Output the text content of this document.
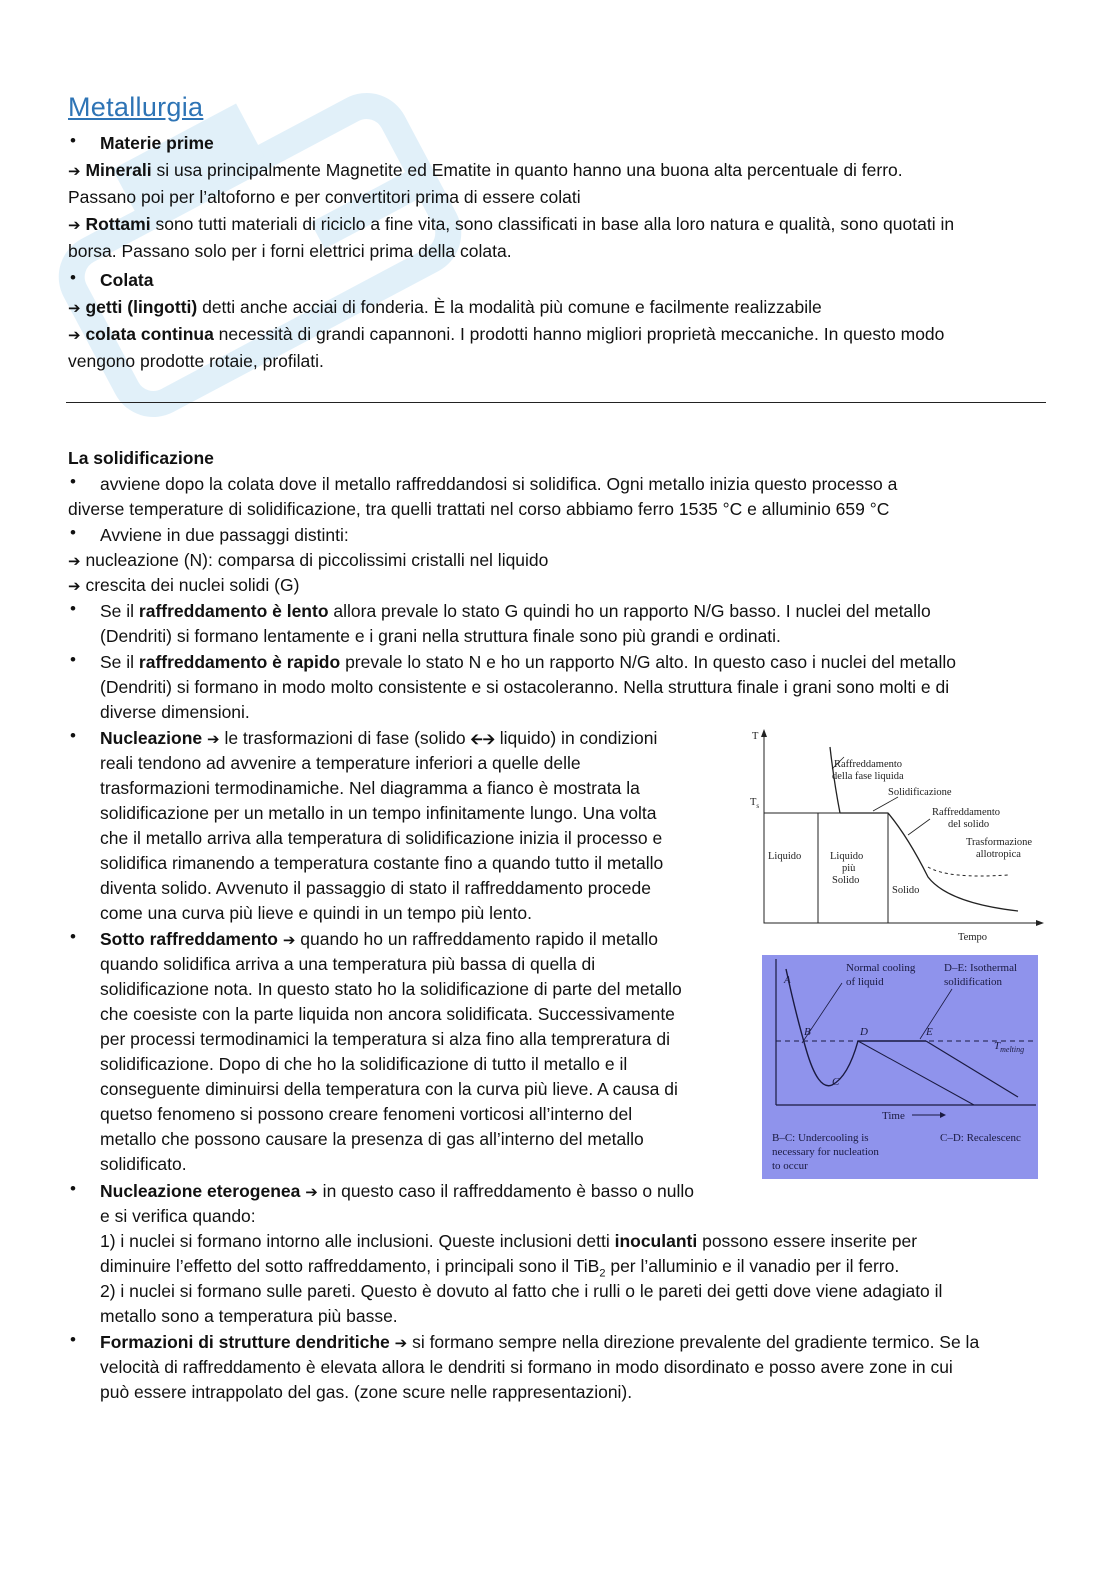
Metallurgia
Materie prime
➔ Minerali si usa principalmente Magnetite ed Ematite in quanto hanno una buona alta percentuale di ferro.
Passano poi per l’altoforno e per convertitori prima di essere colati
➔ Rottami sono tutti materiali di riciclo a fine vita, sono classificati in base alla loro natura e qualità, sono quotati in
borsa. Passano solo per i forni elettrici prima della colata.
Colata
➔ getti (lingotti) detti anche acciai di fonderia. È la modalità più comune e facilmente realizzabile
➔ colata continua necessità di grandi capannoni. I prodotti hanno migliori proprietà meccaniche. In questo modo
vengono prodotte rotaie, profilati.
La solidificazione
avviene dopo la colata dove il metallo raffreddandosi si solidifica. Ogni metallo inizia questo processo a
diverse temperature di solidificazione, tra quelli trattati nel corso abbiamo ferro 1535 °C e alluminio 659 °C
Avviene in due passaggi distinti:
➔ nucleazione (N): comparsa di piccolissimi cristalli nel liquido
➔ crescita dei nuclei solidi (G)
Se il raffreddamento è lento allora prevale lo stato G quindi ho un rapporto N/G basso. I nuclei del metallo
(Dendriti) si formano lentamente e i grani nella struttura finale sono più grandi e ordinati.
Se il raffreddamento è rapido prevale lo stato N e ho un rapporto N/G alto. In questo caso i nuclei del metallo
(Dendriti) si formano in modo molto consistente e si ostacoleranno. Nella struttura finale i grani sono molti e di
diverse dimensioni.
Nucleazione ➔ le trasformazioni di fase (solido 🡨🡪 liquido) in condizioni
reali tendono ad avvenire a temperature inferiori a quelle delle
trasformazioni termodinamiche. Nel diagramma a fianco è mostrata la
solidificazione per un metallo in un tempo infinitamente lungo. Una volta
che il metallo arriva alla temperatura di solidificazione inizia il processo e
solidifica rimanendo a temperatura costante fino a quando tutto il metallo
diventa solido. Avvenuto il passaggio di stato il raffreddamento procede
come una curva più lieve e quindi in un tempo più lento.
Sotto raffreddamento ➔ quando ho un raffreddamento rapido il metallo
quando solidifica arriva a una temperatura più bassa di quella di
solidificazione nota. In questo stato ho la solidificazione di parte del metallo
che coesiste con la parte liquida non ancora solidificata. Successivamente
per processi termodinamici la temperatura si alza fino alla tempreratura di
solidificazione. Dopo di che ho la solidificazione di tutto il metallo e il
conseguente diminuirsi della temperatura con la curva più lieve. A causa di
quetso fenomeno si possono creare fenomeni vorticosi all’interno del
metallo che possono causare la presenza di gas all’interno del metallo
solidificato.
Nucleazione eterogenea ➔ in questo caso il raffreddamento è basso o nullo
e si verifica quando:
1) i nuclei si formano intorno alle inclusioni. Queste inclusioni detti inoculanti possono essere inserite per
diminuire l’effetto del sotto raffreddamento, i principali sono il TiB$_2$ per l’alluminio e il vanadio per il ferro.
2) i nuclei si formano sulle pareti. Questo è dovuto al fatto che i rulli o le pareti dei getti dove viene adagiato il
metallo sono a temperatura più basse.
Formazioni di strutture dendritiche ➔ si formano sempre nella direzione prevalente del gradiente termico. Se la
velocità di raffreddamento è elevata allora le dendriti si formano in modo disordinato e posso avere zone in cui
può essere intrappolato del gas. (zone scure nelle rappresentazioni).
T
$T_s$
Raffreddamento
della fase liquida
Solidificazione
Raffreddamento
del solido
Trasformazione
allotropica
Liquido	Liquido
più
Solido
Solido
Tempo
Normal cooling
of liquid
D–E: Isothermal
solidification
A
B
C
D	E
$T_{melting}$
Time
B–C: Undercooling is
necessary for nucleation
to occur
C–D: Recalescenc
